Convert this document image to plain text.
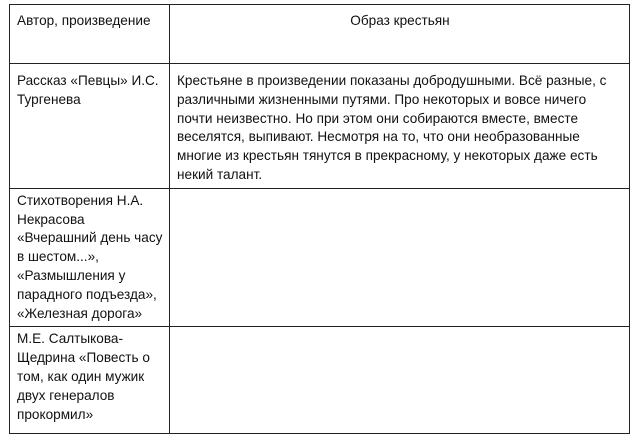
Автор, произведение	Образ крестьян

Рассказ «Певцы» И.С. Тургенева	Крестьяне в произведении показаны добродушными. Всё разные, с различными жизненными путями. Про некоторых и вовсе ничего почти неизвестно. Но при этом они собираются вместе, вместе веселятся, выпивают. Несмотря на то, что они необразованные многие из крестьян тянутся в прекрасному, у некоторых даже есть некий талант.

Стихотворения Н.А. Некрасова «Вчерашний день часу в шестом...», «Размышления у парадного подъезда», «Железная дорога»	

М.Е. Салтыкова-Щедрина «Повесть о том, как один мужик двух генералов прокормил»	
